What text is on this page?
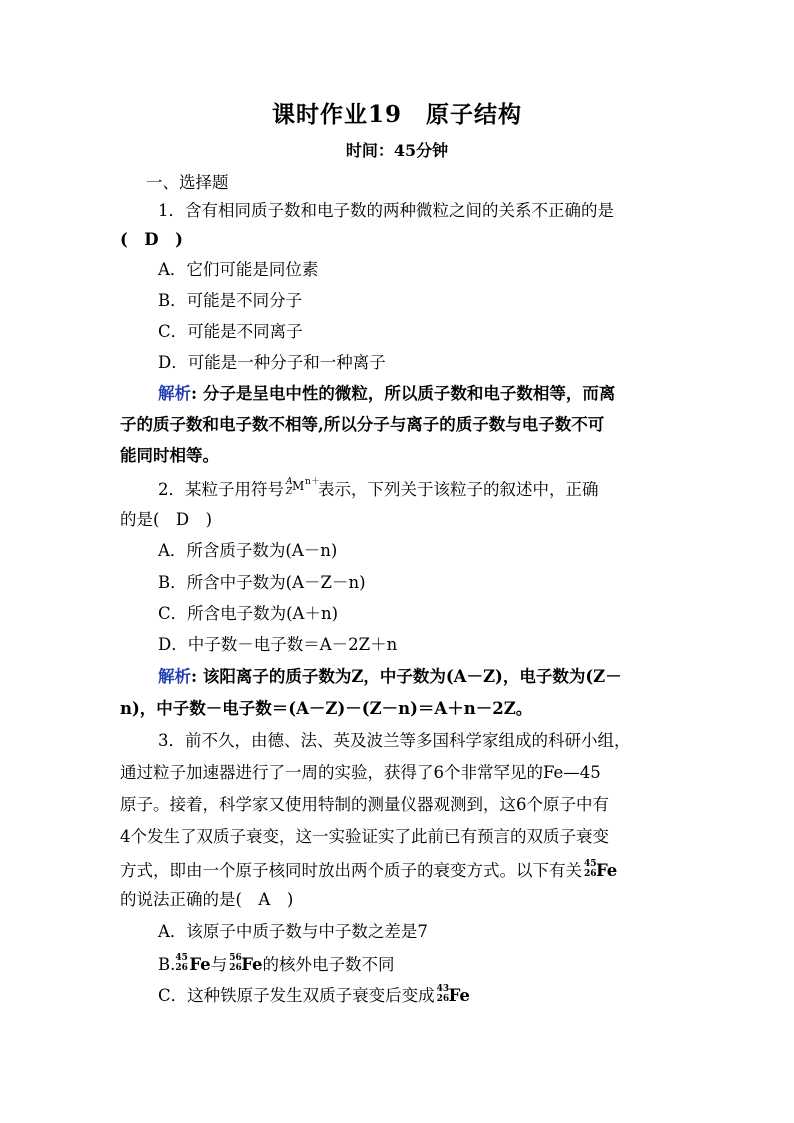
课时作业19　原子结构
时间：45分钟
一、选择题
1．含有相同质子数和电子数的两种微粒之间的关系不正确的是
(　D　)
A．它们可能是同位素
B．可能是不同分子
C．可能是不同离子
D．可能是一种分子和一种离子
解析: 分子是呈电中性的微粒，所以质子数和电子数相等，而离
子的质子数和电子数不相等,所以分子与离子的质子数与电子数不可
能同时相等。
2．某粒子用符号 A
Z M n＋
表示，下列关于该粒子的叙述中，正确
的是(　D　)
A．所含质子数为(A－n)
B．所含中子数为(A－Z－n)
C．所含电子数为(A＋n)
D．中子数－电子数＝A－2Z＋n
解析: 该阳离子的质子数为Z，中子数为(A－Z)，电子数为(Z－
n)，中子数－电子数＝(A－Z)－(Z－n)＝A＋n－2Z。
3．前不久，由德、法、英及波兰等多国科学家组成的科研小组，
通过粒子加速器进行了一周的实验，获得了6个非常罕见的Fe—45
原子。接着，科学家又使用特制的测量仪器观测到，这6个原子中有
4个发生了双质子衰变，这一实验证实了此前已有预言的双质子衰变
方式，即由一个原子核同时放出两个质子的衰变方式。以下有关 45
26 Fe
的说法正确的是(　A　)
A．该原子中质子数与中子数之差是7
B. 45
26 Fe与 56
26 Fe的核外电子数不同
C．这种铁原子发生双质子衰变后变成 43
26 Fe
